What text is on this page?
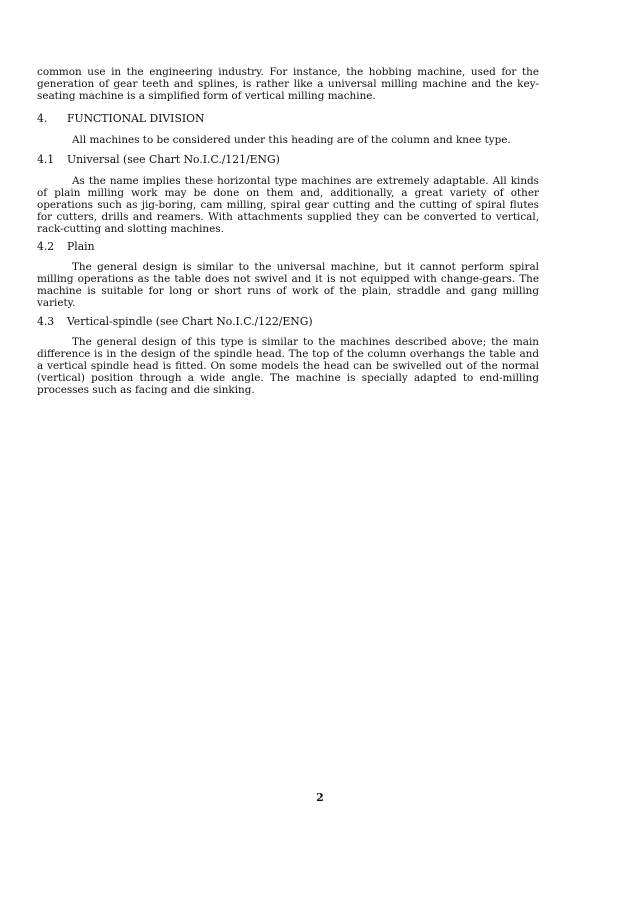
common use in the engineering industry. For instance, the hobbing machine, used for the generation of gear teeth and splines, is rather like a universal milling machine and the key-seating machine is a simplified form of vertical milling machine.

4. FUNCTIONAL DIVISION

All machines to be considered under this heading are of the column and knee type.

4.1 Universal (see Chart No.I.C./121/ENG)

As the name implies these horizontal type machines are extremely adaptable. All kinds of plain milling work may be done on them and, additionally, a great variety of other operations such as jig-boring, cam milling, spiral gear cutting and the cutting of spiral flutes for cutters, drills and reamers. With attachments supplied they can be converted to vertical, rack-cutting and slotting machines.

4.2 Plain

The general design is similar to the universal machine, but it cannot perform spiral milling operations as the table does not swivel and it is not equipped with change-gears. The machine is suitable for long or short runs of work of the plain, straddle and gang milling variety.

4.3 Vertical-spindle (see Chart No.I.C./122/ENG)

The general design of this type is similar to the machines described above; the main difference is in the design of the spindle head. The top of the column overhangs the table and a vertical spindle head is fitted. On some models the head can be swivelled out of the normal (vertical) position through a wide angle. The machine is specially adapted to end-milling processes such as facing and die sinking.

2
